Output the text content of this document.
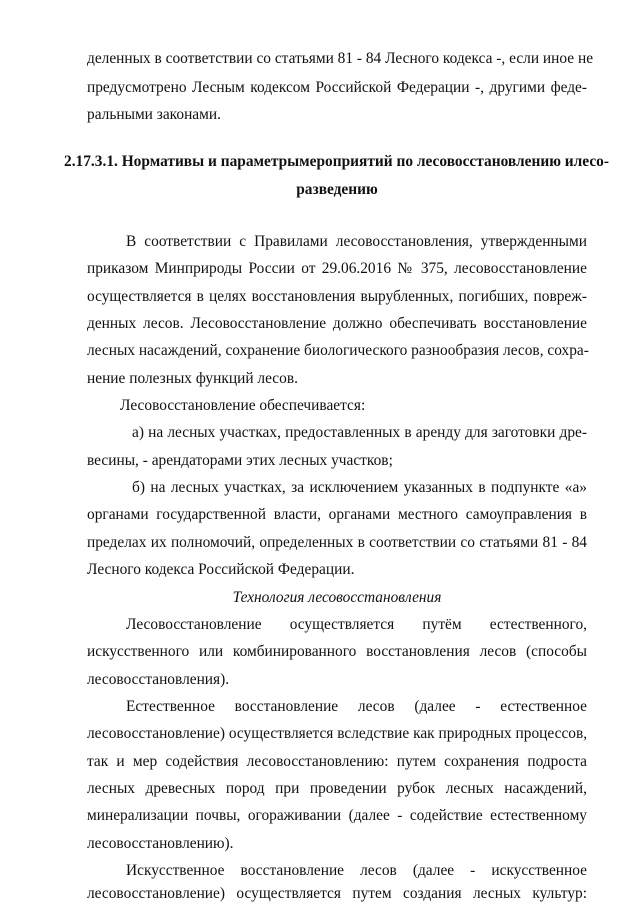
деленных в соответствии со статьями 81 - 84 Лесного кодекса -, если иное не
предусмотрено Лесным кодексом Российской Федерации -, другими феде-
ральными законами.
2.17.3.1. Нормативы и параметрымероприятий по лесовосстановлению илесо-
разведению
В соответствии с Правилами лесовосстановления, утвержденными
приказом Минприроды России от 29.06.2016 № 375, лесовосстановление
осуществляется в целях восстановления вырубленных, погибших, повреж-
денных лесов. Лесовосстановление должно обеспечивать восстановление
лесных насаждений, сохранение биологического разнообразия лесов, сохра-
нение полезных функций лесов.
Лесовосстановление обеспечивается:
а) на лесных участках, предоставленных в аренду для заготовки дре-
весины, - арендаторами этих лесных участков;
б) на лесных участках, за исключением указанных в подпункте «а»
органами государственной власти, органами местного самоуправления в
пределах их полномочий, определенных в соответствии со статьями 81 - 84
Лесного кодекса Российской Федерации.
Технология лесовосстановления
Лесовосстановление осуществляется путём естественного,
искусственного или комбинированного восстановления лесов (способы
лесовосстановления).
Естественное восстановление лесов (далее - естественное
лесовосстановление) осуществляется вследствие как природных процессов,
так и мер содействия лесовосстановлению: путем сохранения подроста
лесных древесных пород при проведении рубок лесных насаждений,
минерализации почвы, огораживании (далее - содействие естественному
лесовосстановлению).
Искусственное восстановление лесов (далее - искусственное
лесовосстановление) осуществляется путем создания лесных культур:
